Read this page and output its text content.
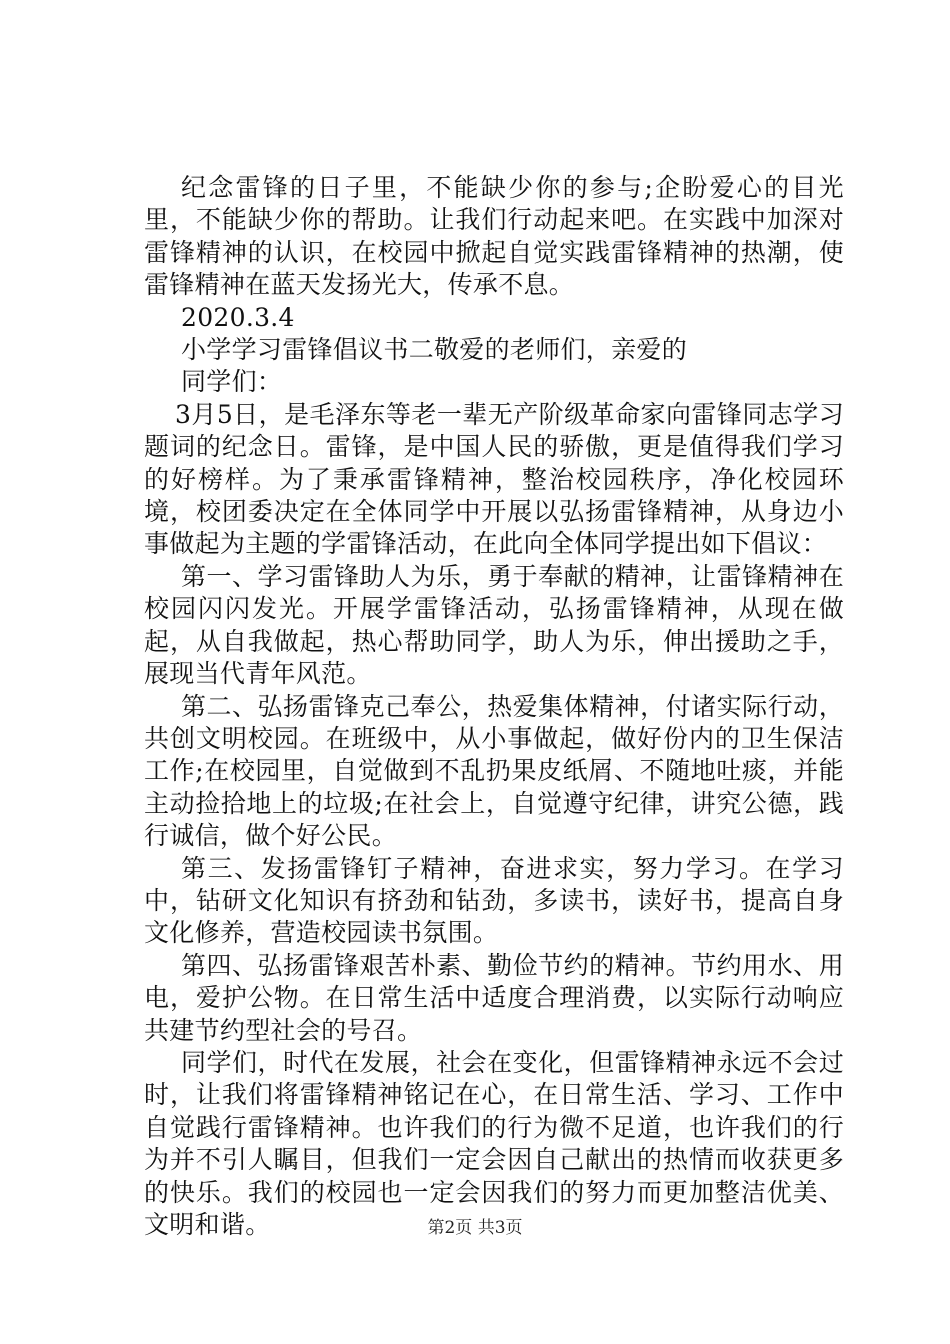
纪念雷锋的日子里，不能缺少你的参与;企盼爱心的目光里，不能缺少你的帮助。让我们行动起来吧。在实践中加深对雷锋精神的认识，在校园中掀起自觉实践雷锋精神的热潮，使雷锋精神在蓝天发扬光大，传承不息。

2020.3.4

小学学习雷锋倡议书二敬爱的老师们，亲爱的

同学们：

3月5日，是毛泽东等老一辈无产阶级革命家向雷锋同志学习题词的纪念日。雷锋，是中国人民的骄傲，更是值得我们学习的好榜样。为了秉承雷锋精神，整治校园秩序，净化校园环境，校团委决定在全体同学中开展以弘扬雷锋精神，从身边小事做起为主题的学雷锋活动，在此向全体同学提出如下倡议：

第一、学习雷锋助人为乐，勇于奉献的精神，让雷锋精神在校园闪闪发光。开展学雷锋活动，弘扬雷锋精神，从现在做起，从自我做起，热心帮助同学，助人为乐，伸出援助之手，展现当代青年风范。

第二、弘扬雷锋克己奉公，热爱集体精神，付诸实际行动，共创文明校园。在班级中，从小事做起，做好份内的卫生保洁工作;在校园里，自觉做到不乱扔果皮纸屑、不随地吐痰，并能主动捡拾地上的垃圾;在社会上，自觉遵守纪律，讲究公德，践行诚信，做个好公民。

第三、发扬雷锋钉子精神，奋进求实，努力学习。在学习中，钻研文化知识有挤劲和钻劲，多读书，读好书，提高自身文化修养，营造校园读书氛围。

第四、弘扬雷锋艰苦朴素、勤俭节约的精神。节约用水、用电，爱护公物。在日常生活中适度合理消费，以实际行动响应共建节约型社会的号召。

同学们，时代在发展，社会在变化，但雷锋精神永远不会过时，让我们将雷锋精神铭记在心，在日常生活、学习、工作中自觉践行雷锋精神。也许我们的行为微不足道，也许我们的行为并不引人瞩目，但我们一定会因自己献出的热情而收获更多的快乐。我们的校园也一定会因我们的努力而更加整洁优美、文明和谐。	第2页 共3页
